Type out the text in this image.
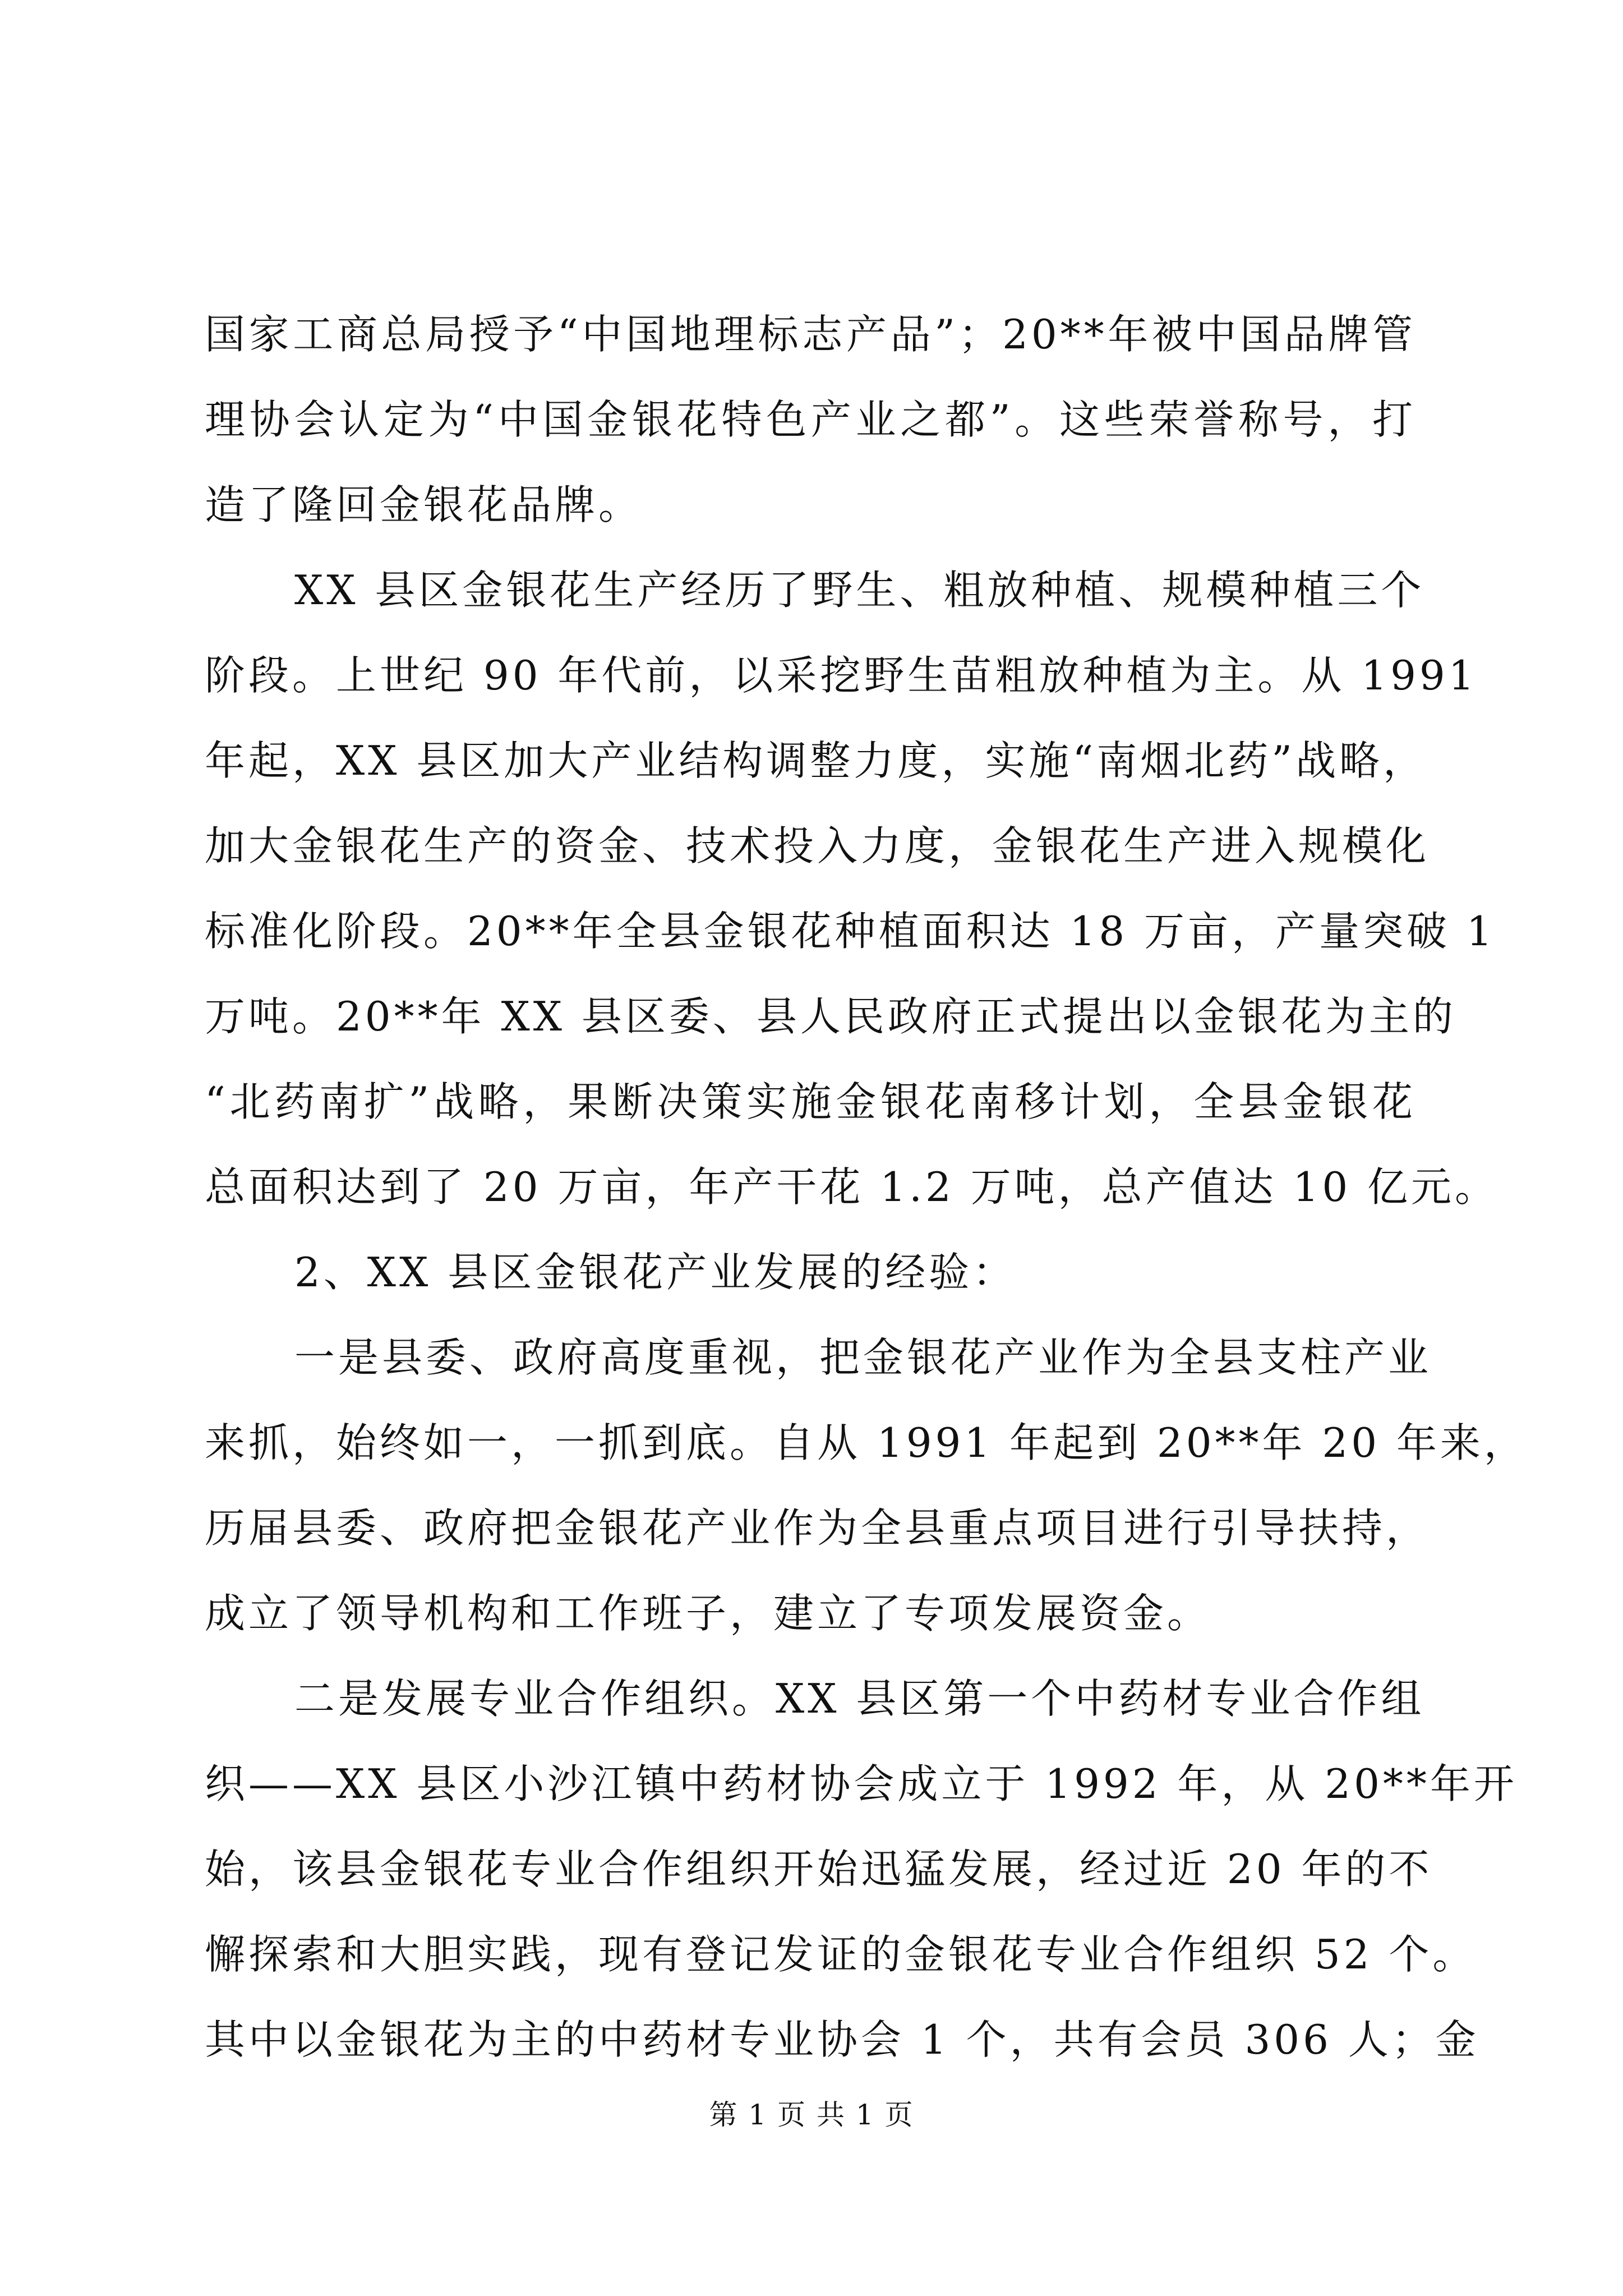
国家工商总局授予“中国地理标志产品”；20**年被中国品牌管
理协会认定为“中国金银花特色产业之都”。这些荣誉称号，打
造了隆回金银花品牌。
XX 县区金银花生产经历了野生、粗放种植、规模种植三个
阶段。上世纪 90 年代前，以采挖野生苗粗放种植为主。从 1991
年起，XX 县区加大产业结构调整力度，实施“南烟北药”战略，
加大金银花生产的资金、技术投入力度，金银花生产进入规模化
标准化阶段。20**年全县金银花种植面积达 18 万亩，产量突破 1
万吨。20**年 XX 县区委、县人民政府正式提出以金银花为主的
“北药南扩”战略，果断决策实施金银花南移计划，全县金银花
总面积达到了 20 万亩，年产干花 1.2 万吨，总产值达 10 亿元。
2、XX 县区金银花产业发展的经验：
一是县委、政府高度重视，把金银花产业作为全县支柱产业
来抓，始终如一，一抓到底。自从 1991 年起到 20**年 20 年来，
历届县委、政府把金银花产业作为全县重点项目进行引导扶持，
成立了领导机构和工作班子，建立了专项发展资金。
二是发展专业合作组织。XX 县区第一个中药材专业合作组
织——XX 县区小沙江镇中药材协会成立于 1992 年，从 20**年开
始，该县金银花专业合作组织开始迅猛发展，经过近 20 年的不
懈探索和大胆实践，现有登记发证的金银花专业合作组织 52 个。
其中以金银花为主的中药材专业协会 1 个，共有会员 306 人；金
第 1 页 共 1 页
